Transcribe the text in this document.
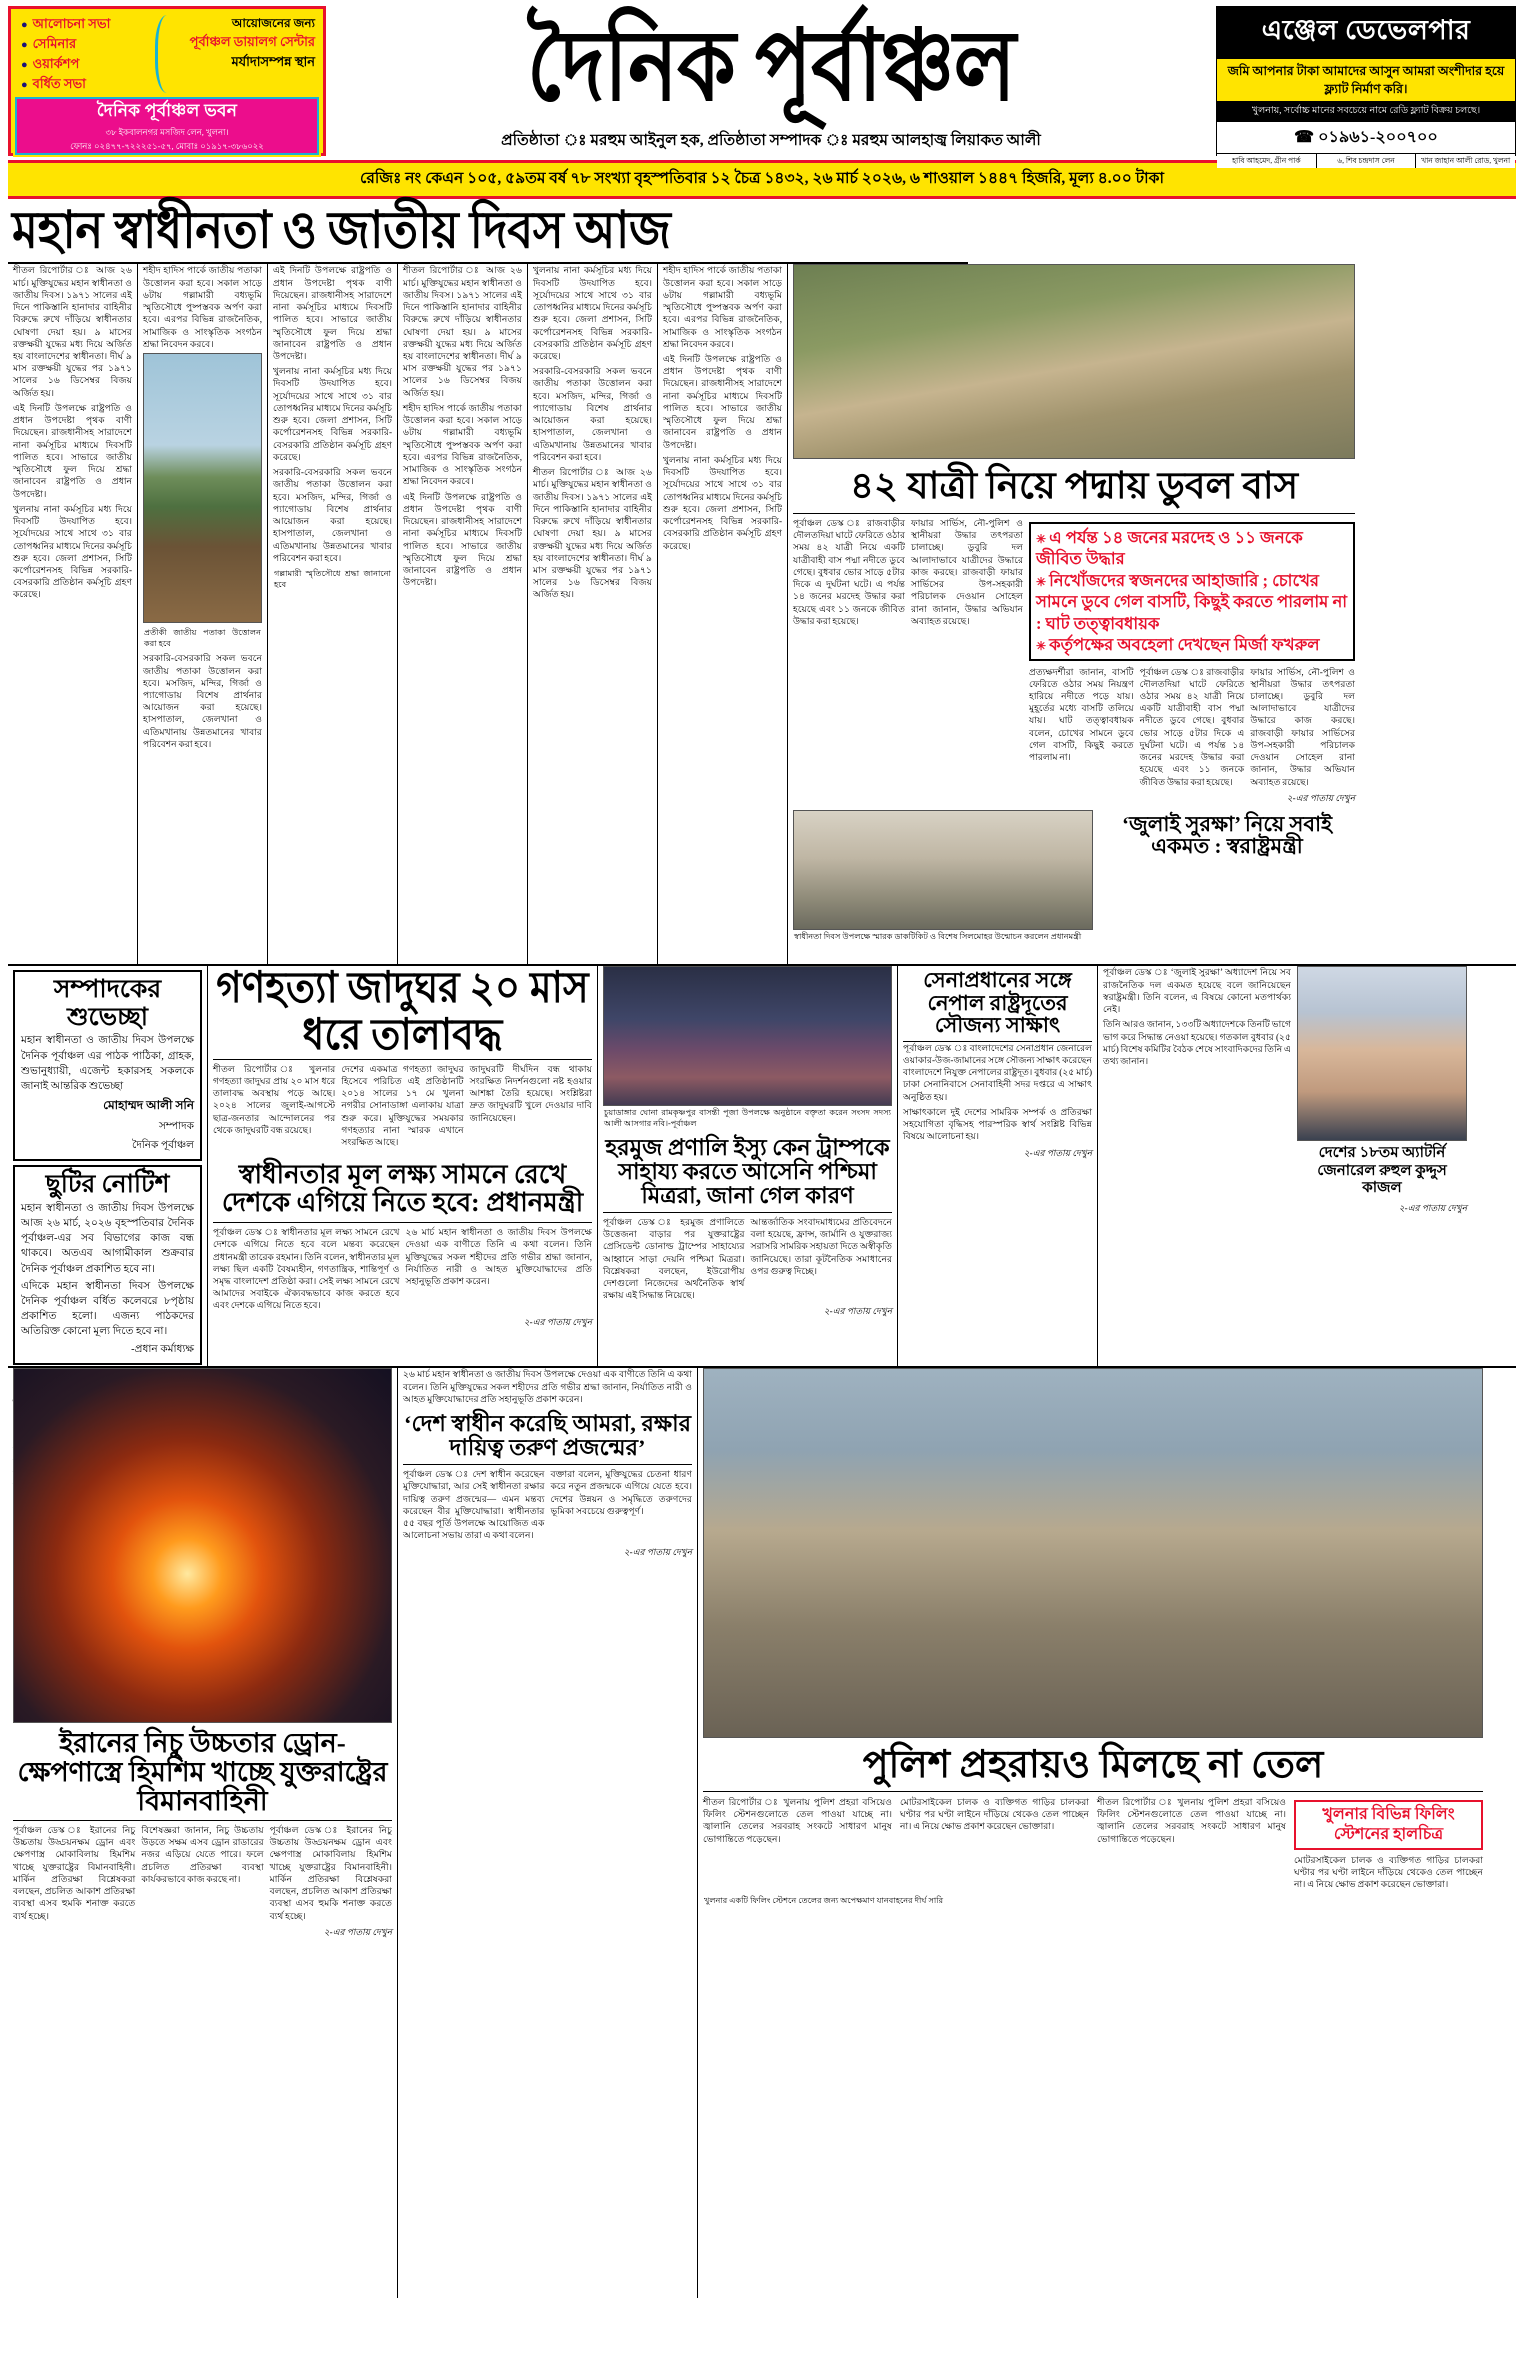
● আলোচনা সভা
● সেমিনার
● ওয়ার্কশপ
● বর্ধিত সভা
আয়োজনের জন্য
পূর্বাঞ্চল ডায়ালগ সেন্টার
মর্যাদাসম্পন্ন স্থান
দৈনিক পূর্বাঞ্চল ভবন
৩৮ ইকবালনগর মসজিদ লেন, খুলনা।
ফোনঃ ০২৪৭৭-৭২২২৫১-৫৭, মোবাঃ ০১৯১৭-৩৮৬০২২
দৈনিক পূর্বাঞ্চল
প্রতিষ্ঠাতা ঃ মরহুম আইনুল হক, প্রতিষ্ঠাতা সম্পাদক ঃ মরহুম আলহাজ্ব লিয়াকত আলী
এঞ্জেল ডেভেলপার
জমি আপনার টাকা আমাদের আসুন আমরা অংশীদার হয়ে ফ্ল্যাট নির্মাণ করি।
খুলনায়, সর্বোচ্চ মানের সবচেয়ে নামে রেডি ফ্ল্যাট বিক্রয় চলছে।
☎ ০১৯৬১-২০০৭০০
হাবি আহমেদ, গ্রীন পার্ক	৬, শিব চন্দ্রদাস লেন	খান জাহান আলী রোড, খুলনা
রেজিঃ নং কেএন ১০৫, ৫৯তম বর্ষ ৭৮ সংখ্যা বৃহস্পতিবার ১২ চৈত্র ১৪৩২, ২৬ মার্চ ২০২৬, ৬ শাওয়াল ১৪৪৭ হিজরি, মূল্য ৪.০০ টাকা
মহান স্বাধীনতা ও জাতীয় দিবস আজ

শীতল রিপোর্টার ঃ আজ ২৬ মার্চ। মুক্তিযুদ্ধের মহান স্বাধীনতা ও জাতীয় দিবস। ১৯৭১ সালের এই দিনে পাকিস্তানি হানাদার বাহিনীর বিরুদ্ধে রুখে দাঁড়িয়ে স্বাধীনতার ঘোষণা দেয়া হয়। ৯ মাসের রক্তক্ষয়ী যুদ্ধের মধ্য দিয়ে অর্জিত হয় বাংলাদেশের স্বাধীনতা। দীর্ঘ ৯ মাস রক্তক্ষয়ী যুদ্ধের পর ১৯৭১ সালের ১৬ ডিসেম্বর বিজয় অর্জিত হয়।

এই দিনটি উপলক্ষে রাষ্ট্রপতি ও প্রধান উপদেষ্টা পৃথক বাণী দিয়েছেন। রাজধানীসহ সারাদেশে নানা কর্মসূচির মাধ্যমে দিবসটি পালিত হবে। সাভারে জাতীয় স্মৃতিসৌধে ফুল দিয়ে শ্রদ্ধা জানাবেন রাষ্ট্রপতি ও প্রধান উপদেষ্টা।

খুলনায় নানা কর্মসূচির মধ্য দিয়ে দিবসটি উদযাপিত হবে। সূর্যোদয়ের সাথে সাথে ৩১ বার তোপধ্বনির মাধ্যমে দিনের কর্মসূচি শুরু হবে। জেলা প্রশাসন, সিটি কর্পোরেশনসহ বিভিন্ন সরকারি-বেসরকারি প্রতিষ্ঠান কর্মসূচি গ্রহণ করেছে।

শহীদ হাদিস পার্কে জাতীয় পতাকা উত্তোলন করা হবে। সকাল সাড়ে ৬টায় গল্লামারী বধ্যভূমি স্মৃতিসৌধে পুষ্পস্তবক অর্পণ করা হবে। এরপর বিভিন্ন রাজনৈতিক, সামাজিক ও সাংস্কৃতিক সংগঠন শ্রদ্ধা নিবেদন করবে।

প্রতীকী জাতীয় পতাকা উত্তোলন করা হবে

সরকারি-বেসরকারি সকল ভবনে জাতীয় পতাকা উত্তোলন করা হবে। মসজিদ, মন্দির, গির্জা ও প্যাগোডায় বিশেষ প্রার্থনার আয়োজন করা হয়েছে। হাসপাতাল, জেলখানা ও এতিমখানায় উন্নতমানের খাবার পরিবেশন করা হবে।

এই দিনটি উপলক্ষে রাষ্ট্রপতি ও প্রধান উপদেষ্টা পৃথক বাণী দিয়েছেন। রাজধানীসহ সারাদেশে নানা কর্মসূচির মাধ্যমে দিবসটি পালিত হবে। সাভারে জাতীয় স্মৃতিসৌধে ফুল দিয়ে শ্রদ্ধা জানাবেন রাষ্ট্রপতি ও প্রধান উপদেষ্টা।

খুলনায় নানা কর্মসূচির মধ্য দিয়ে দিবসটি উদযাপিত হবে। সূর্যোদয়ের সাথে সাথে ৩১ বার তোপধ্বনির মাধ্যমে দিনের কর্মসূচি শুরু হবে। জেলা প্রশাসন, সিটি কর্পোরেশনসহ বিভিন্ন সরকারি-বেসরকারি প্রতিষ্ঠান কর্মসূচি গ্রহণ করেছে।

সরকারি-বেসরকারি সকল ভবনে জাতীয় পতাকা উত্তোলন করা হবে। মসজিদ, মন্দির, গির্জা ও প্যাগোডায় বিশেষ প্রার্থনার আয়োজন করা হয়েছে। হাসপাতাল, জেলখানা ও এতিমখানায় উন্নতমানের খাবার পরিবেশন করা হবে।

গল্লামারী স্মৃতিসৌধে শ্রদ্ধা জানানো হবে

শীতল রিপোর্টার ঃ আজ ২৬ মার্চ। মুক্তিযুদ্ধের মহান স্বাধীনতা ও জাতীয় দিবস। ১৯৭১ সালের এই দিনে পাকিস্তানি হানাদার বাহিনীর বিরুদ্ধে রুখে দাঁড়িয়ে স্বাধীনতার ঘোষণা দেয়া হয়। ৯ মাসের রক্তক্ষয়ী যুদ্ধের মধ্য দিয়ে অর্জিত হয় বাংলাদেশের স্বাধীনতা। দীর্ঘ ৯ মাস রক্তক্ষয়ী যুদ্ধের পর ১৯৭১ সালের ১৬ ডিসেম্বর বিজয় অর্জিত হয়।

শহীদ হাদিস পার্কে জাতীয় পতাকা উত্তোলন করা হবে। সকাল সাড়ে ৬টায় গল্লামারী বধ্যভূমি স্মৃতিসৌধে পুষ্পস্তবক অর্পণ করা হবে। এরপর বিভিন্ন রাজনৈতিক, সামাজিক ও সাংস্কৃতিক সংগঠন শ্রদ্ধা নিবেদন করবে।

এই দিনটি উপলক্ষে রাষ্ট্রপতি ও প্রধান উপদেষ্টা পৃথক বাণী দিয়েছেন। রাজধানীসহ সারাদেশে নানা কর্মসূচির মাধ্যমে দিবসটি পালিত হবে। সাভারে জাতীয় স্মৃতিসৌধে ফুল দিয়ে শ্রদ্ধা জানাবেন রাষ্ট্রপতি ও প্রধান উপদেষ্টা।

খুলনায় নানা কর্মসূচির মধ্য দিয়ে দিবসটি উদযাপিত হবে। সূর্যোদয়ের সাথে সাথে ৩১ বার তোপধ্বনির মাধ্যমে দিনের কর্মসূচি শুরু হবে। জেলা প্রশাসন, সিটি কর্পোরেশনসহ বিভিন্ন সরকারি-বেসরকারি প্রতিষ্ঠান কর্মসূচি গ্রহণ করেছে।

সরকারি-বেসরকারি সকল ভবনে জাতীয় পতাকা উত্তোলন করা হবে। মসজিদ, মন্দির, গির্জা ও প্যাগোডায় বিশেষ প্রার্থনার আয়োজন করা হয়েছে। হাসপাতাল, জেলখানা ও এতিমখানায় উন্নতমানের খাবার পরিবেশন করা হবে।

শীতল রিপোর্টার ঃ আজ ২৬ মার্চ। মুক্তিযুদ্ধের মহান স্বাধীনতা ও জাতীয় দিবস। ১৯৭১ সালের এই দিনে পাকিস্তানি হানাদার বাহিনীর বিরুদ্ধে রুখে দাঁড়িয়ে স্বাধীনতার ঘোষণা দেয়া হয়। ৯ মাসের রক্তক্ষয়ী যুদ্ধের মধ্য দিয়ে অর্জিত হয় বাংলাদেশের স্বাধীনতা। দীর্ঘ ৯ মাস রক্তক্ষয়ী যুদ্ধের পর ১৯৭১ সালের ১৬ ডিসেম্বর বিজয় অর্জিত হয়।

শহীদ হাদিস পার্কে জাতীয় পতাকা উত্তোলন করা হবে। সকাল সাড়ে ৬টায় গল্লামারী বধ্যভূমি স্মৃতিসৌধে পুষ্পস্তবক অর্পণ করা হবে। এরপর বিভিন্ন রাজনৈতিক, সামাজিক ও সাংস্কৃতিক সংগঠন শ্রদ্ধা নিবেদন করবে।

এই দিনটি উপলক্ষে রাষ্ট্রপতি ও প্রধান উপদেষ্টা পৃথক বাণী দিয়েছেন। রাজধানীসহ সারাদেশে নানা কর্মসূচির মাধ্যমে দিবসটি পালিত হবে। সাভারে জাতীয় স্মৃতিসৌধে ফুল দিয়ে শ্রদ্ধা জানাবেন রাষ্ট্রপতি ও প্রধান উপদেষ্টা।

খুলনায় নানা কর্মসূচির মধ্য দিয়ে দিবসটি উদযাপিত হবে। সূর্যোদয়ের সাথে সাথে ৩১ বার তোপধ্বনির মাধ্যমে দিনের কর্মসূচি শুরু হবে। জেলা প্রশাসন, সিটি কর্পোরেশনসহ বিভিন্ন সরকারি-বেসরকারি প্রতিষ্ঠান কর্মসূচি গ্রহণ করেছে।

৪২ যাত্রী নিয়ে পদ্মায় ডুবল বাস

পূর্বাঞ্চল ডেস্ক ঃ রাজবাড়ীর দৌলতদিয়া ঘাটে ফেরিতে ওঠার সময় ৪২ যাত্রী নিয়ে একটি যাত্রীবাহী বাস পদ্মা নদীতে ডুবে গেছে। বুধবার ভোর সাড়ে ৫টার দিকে এ দুর্ঘটনা ঘটে। এ পর্যন্ত ১৪ জনের মরদেহ উদ্ধার করা হয়েছে এবং ১১ জনকে জীবিত উদ্ধার করা হয়েছে।

ফায়ার সার্ভিস, নৌ-পুলিশ ও স্থানীয়রা উদ্ধার তৎপরতা চালাচ্ছে। ডুবুরি দল আলাদাভাবে যাত্রীদের উদ্ধারে কাজ করছে। রাজবাড়ী ফায়ার সার্ভিসের উপ-সহকারী পরিচালক দেওয়ান সোহেল রানা জানান, উদ্ধার অভিযান অব্যাহত রয়েছে।

✳ এ পর্যন্ত ১৪ জনের মরদেহ ও ১১ জনকে জীবিত উদ্ধার
✳ নিখোঁজদের স্বজনদের আহাজারি ; চোখের সামনে ডুবে গেল বাসটি, কিছুই করতে পারলাম না : ঘাট তত্ত্বাবধায়ক
✳ কর্তৃপক্ষের অবহেলা দেখছেন মির্জা ফখরুল

প্রত্যক্ষদর্শীরা জানান, বাসটি ফেরিতে ওঠার সময় নিয়ন্ত্রণ হারিয়ে নদীতে পড়ে যায়। মুহূর্তের মধ্যে বাসটি তলিয়ে যায়। ঘাট তত্ত্বাবধায়ক বলেন, চোখের সামনে ডুবে গেল বাসটি, কিছুই করতে পারলাম না।

পূর্বাঞ্চল ডেস্ক ঃ রাজবাড়ীর দৌলতদিয়া ঘাটে ফেরিতে ওঠার সময় ৪২ যাত্রী নিয়ে একটি যাত্রীবাহী বাস পদ্মা নদীতে ডুবে গেছে। বুধবার ভোর সাড়ে ৫টার দিকে এ দুর্ঘটনা ঘটে। এ পর্যন্ত ১৪ জনের মরদেহ উদ্ধার করা হয়েছে এবং ১১ জনকে জীবিত উদ্ধার করা হয়েছে।

ফায়ার সার্ভিস, নৌ-পুলিশ ও স্থানীয়রা উদ্ধার তৎপরতা চালাচ্ছে। ডুবুরি দল আলাদাভাবে যাত্রীদের উদ্ধারে কাজ করছে। রাজবাড়ী ফায়ার সার্ভিসের উপ-সহকারী পরিচালক দেওয়ান সোহেল রানা জানান, উদ্ধার অভিযান অব্যাহত রয়েছে।

২-এর পাতায় দেখুন
স্বাধীনতা দিবস উপলক্ষে স্মারক ডাকটিকিট ও বিশেষ সিলমোহর উন্মোচন করলেন প্রধানমন্ত্রী
‘জুলাই সুরক্ষা’ নিয়ে সবাই একমত : স্বরাষ্ট্রমন্ত্রী
সম্পাদকের শুভেচ্ছা

মহান স্বাধীনতা ও জাতীয় দিবস উপলক্ষে দৈনিক পূর্বাঞ্চল এর পাঠক পাঠিকা, গ্রাহক, শুভানুধ্যায়ী, এজেন্ট হকারসহ সকলকে জানাই আন্তরিক শুভেচ্ছা

মোহাম্মদ আলী সনি
সম্পাদক
দৈনিক পূর্বাঞ্চল
ছুটির নোটিশ

মহান স্বাধীনতা ও জাতীয় দিবস উপলক্ষে আজ ২৬ মার্চ, ২০২৬ বৃহস্পতিবার দৈনিক পূর্বাঞ্চল-এর সব বিভাগের কাজ বন্ধ থাকবে। অতএব আগামীকাল শুক্রবার দৈনিক পূর্বাঞ্চল প্রকাশিত হবে না।

এদিকে মহান স্বাধীনতা দিবস উপলক্ষে দৈনিক পূর্বাঞ্চল বর্ধিত কলেবরে ৮পৃষ্ঠায় প্রকাশিত হলো। এজন্য পাঠকদের অতিরিক্ত কোনো মূল্য দিতে হবে না।

-প্রধান কর্মাধ্যক্ষ

গণহত্যা জাদুঘর ২০ মাস ধরে তালাবদ্ধ

শীতল রিপোর্টার ঃ খুলনার গণহত্যা জাদুঘর প্রায় ২০ মাস ধরে তালাবদ্ধ অবস্থায় পড়ে আছে। ২০২৪ সালের জুলাই-আগস্টে ছাত্র-জনতার আন্দোলনের পর থেকে জাদুঘরটি বন্ধ রয়েছে।

দেশের একমাত্র গণহত্যা জাদুঘর হিসেবে পরিচিত এই প্রতিষ্ঠানটি ২০১৪ সালের ১৭ মে খুলনা নগরীর সোনাডাঙ্গা এলাকায় যাত্রা শুরু করে। মুক্তিযুদ্ধের সময়কার গণহত্যার নানা স্মারক এখানে সংরক্ষিত আছে।

জাদুঘরটি দীর্ঘদিন বন্ধ থাকায় সংরক্ষিত নিদর্শনগুলো নষ্ট হওয়ার আশঙ্কা তৈরি হয়েছে। সংশ্লিষ্টরা দ্রুত জাদুঘরটি খুলে দেওয়ার দাবি জানিয়েছেন।

স্বাধীনতার মূল লক্ষ্য সামনে রেখে দেশকে এগিয়ে নিতে হবে: প্রধানমন্ত্রী

পূর্বাঞ্চল ডেস্ক ঃ স্বাধীনতার মূল লক্ষ্য সামনে রেখে দেশকে এগিয়ে নিতে হবে বলে মন্তব্য করেছেন প্রধানমন্ত্রী তারেক রহমান। তিনি বলেন, স্বাধীনতার মূল লক্ষ্য ছিল একটি বৈষম্যহীন, গণতান্ত্রিক, শান্তিপূর্ণ ও সমৃদ্ধ বাংলাদেশ প্রতিষ্ঠা করা। সেই লক্ষ্য সামনে রেখে আমাদের সবাইকে ঐক্যবদ্ধভাবে কাজ করতে হবে এবং দেশকে এগিয়ে নিতে হবে।

২৬ মার্চ মহান স্বাধীনতা ও জাতীয় দিবস উপলক্ষে দেওয়া এক বাণীতে তিনি এ কথা বলেন। তিনি মুক্তিযুদ্ধের সকল শহীদের প্রতি গভীর শ্রদ্ধা জানান, নির্যাতিত নারী ও আহত মুক্তিযোদ্ধাদের প্রতি সহানুভূতি প্রকাশ করেন।

২-এর পাতায় দেখুন
চুয়াডাঙ্গার ঘোনা রামকৃষ্ণপুর বাসন্তী পূজা উপলক্ষে অনুষ্ঠানে বক্তৃতা করেন সংসদ সদস্য আলী আসগার নবি।-পূর্বাঞ্চল
হরমুজ প্রণালি ইস্যু কেন ট্রাম্পকে সাহায্য করতে আসেনি পশ্চিমা মিত্ররা, জানা গেল কারণ

পূর্বাঞ্চল ডেস্ক ঃ হরমুজ প্রণালিতে উত্তেজনা বাড়ার পর যুক্তরাষ্ট্রের প্রেসিডেন্ট ডোনাল্ড ট্রাম্পের সাহায্যের আহ্বানে সাড়া দেয়নি পশ্চিমা মিত্ররা। বিশ্লেষকরা বলছেন, ইউরোপীয় দেশগুলো নিজেদের অর্থনৈতিক স্বার্থ রক্ষায় এই সিদ্ধান্ত নিয়েছে।

আন্তর্জাতিক সংবাদমাধ্যমের প্রতিবেদনে বলা হয়েছে, ফ্রান্স, জার্মানি ও যুক্তরাজ্য সরাসরি সামরিক সহায়তা দিতে অস্বীকৃতি জানিয়েছে। তারা কূটনৈতিক সমাধানের ওপর গুরুত্ব দিচ্ছে।

২-এর পাতায় দেখুন
সেনাপ্রধানের সঙ্গে নেপাল রাষ্ট্রদূতের সৌজন্য সাক্ষাৎ

পূর্বাঞ্চল ডেস্ক ঃ বাংলাদেশের সেনাপ্রধান জেনারেল ওয়াকার-উজ-জামানের সঙ্গে সৌজন্য সাক্ষাৎ করেছেন বাংলাদেশে নিযুক্ত নেপালের রাষ্ট্রদূত। বুধবার (২৫ মার্চ) ঢাকা সেনানিবাসে সেনাবাহিনী সদর দপ্তরে এ সাক্ষাৎ অনুষ্ঠিত হয়।

সাক্ষাৎকালে দুই দেশের সামরিক সম্পর্ক ও প্রতিরক্ষা সহযোগিতা বৃদ্ধিসহ পারস্পরিক স্বার্থ সংশ্লিষ্ট বিভিন্ন বিষয়ে আলোচনা হয়।

২-এর পাতায় দেখুন

পূর্বাঞ্চল ডেস্ক ঃ ‘জুলাই সুরক্ষা’ অধ্যাদেশ নিয়ে সব রাজনৈতিক দল একমত হয়েছে বলে জানিয়েছেন স্বরাষ্ট্রমন্ত্রী। তিনি বলেন, এ বিষয়ে কোনো মতপার্থক্য নেই।

তিনি আরও জানান, ১৩৩টি অধ্যাদেশকে তিনটি ভাগে ভাগ করে সিদ্ধান্ত নেওয়া হয়েছে। গতকাল বুধবার (২৫ মার্চ) বিশেষ কমিটির বৈঠক শেষে সাংবাদিকদের তিনি এ তথ্য জানান।

দেশের ১৮তম অ্যাটর্নি জেনারেল রুহুল কুদ্দুস কাজল
২-এর পাতায় দেখুন
ইরানের নিচু উচ্চতার ড্রোন-ক্ষেপণাস্ত্রে হিমশিম খাচ্ছে যুক্তরাষ্ট্রের বিমানবাহিনী

পূর্বাঞ্চল ডেস্ক ঃ ইরানের নিচু উচ্চতায় উড্ডয়নক্ষম ড্রোন এবং ক্ষেপণাস্ত্র মোকাবিলায় হিমশিম খাচ্ছে যুক্তরাষ্ট্রের বিমানবাহিনী। মার্কিন প্রতিরক্ষা বিশ্লেষকরা বলছেন, প্রচলিত আকাশ প্রতিরক্ষা ব্যবস্থা এসব হুমকি শনাক্ত করতে ব্যর্থ হচ্ছে।

বিশেষজ্ঞরা জানান, নিচু উচ্চতায় উড়তে সক্ষম এসব ড্রোন রাডারের নজর এড়িয়ে যেতে পারে। ফলে প্রচলিত প্রতিরক্ষা ব্যবস্থা কার্যকরভাবে কাজ করছে না।

পূর্বাঞ্চল ডেস্ক ঃ ইরানের নিচু উচ্চতায় উড্ডয়নক্ষম ড্রোন এবং ক্ষেপণাস্ত্র মোকাবিলায় হিমশিম খাচ্ছে যুক্তরাষ্ট্রের বিমানবাহিনী। মার্কিন প্রতিরক্ষা বিশ্লেষকরা বলছেন, প্রচলিত আকাশ প্রতিরক্ষা ব্যবস্থা এসব হুমকি শনাক্ত করতে ব্যর্থ হচ্ছে।

২-এর পাতায় দেখুন

২৬ মার্চ মহান স্বাধীনতা ও জাতীয় দিবস উপলক্ষে দেওয়া এক বাণীতে তিনি এ কথা বলেন। তিনি মুক্তিযুদ্ধের সকল শহীদের প্রতি গভীর শ্রদ্ধা জানান, নির্যাতিত নারী ও আহত মুক্তিযোদ্ধাদের প্রতি সহানুভূতি প্রকাশ করেন।

‘দেশ স্বাধীন করেছি আমরা, রক্ষার দায়িত্ব তরুণ প্রজন্মের’

পূর্বাঞ্চল ডেস্ক ঃ দেশ স্বাধীন করেছেন মুক্তিযোদ্ধারা, আর সেই স্বাধীনতা রক্ষার দায়িত্ব তরুণ প্রজন্মের— এমন মন্তব্য করেছেন বীর মুক্তিযোদ্ধারা। স্বাধীনতার ৫৫ বছর পূর্তি উপলক্ষে আয়োজিত এক আলোচনা সভায় তারা এ কথা বলেন।

বক্তারা বলেন, মুক্তিযুদ্ধের চেতনা ধারণ করে নতুন প্রজন্মকে এগিয়ে যেতে হবে। দেশের উন্নয়ন ও সমৃদ্ধিতে তরুণদের ভূমিকা সবচেয়ে গুরুত্বপূর্ণ।

২-এর পাতায় দেখুন
পুলিশ প্রহরায়ও মিলছে না তেল

শীতল রিপোর্টার ঃ খুলনায় পুলিশ প্রহরা বসিয়েও ফিলিং স্টেশনগুলোতে তেল পাওয়া যাচ্ছে না। জ্বালানি তেলের সরবরাহ সংকটে সাধারণ মানুষ ভোগান্তিতে পড়েছেন।

মোটরসাইকেল চালক ও ব্যক্তিগত গাড়ির চালকরা ঘণ্টার পর ঘণ্টা লাইনে দাঁড়িয়ে থেকেও তেল পাচ্ছেন না। এ নিয়ে ক্ষোভ প্রকাশ করেছেন ভোক্তারা।

শীতল রিপোর্টার ঃ খুলনায় পুলিশ প্রহরা বসিয়েও ফিলিং স্টেশনগুলোতে তেল পাওয়া যাচ্ছে না। জ্বালানি তেলের সরবরাহ সংকটে সাধারণ মানুষ ভোগান্তিতে পড়েছেন।

খুলনার বিভিন্ন ফিলিং স্টেশনের হালচিত্র

মোটরসাইকেল চালক ও ব্যক্তিগত গাড়ির চালকরা ঘণ্টার পর ঘণ্টা লাইনে দাঁড়িয়ে থেকেও তেল পাচ্ছেন না। এ নিয়ে ক্ষোভ প্রকাশ করেছেন ভোক্তারা।

খুলনার একটি ফিলিং স্টেশনে তেলের জন্য অপেক্ষমাণ যানবাহনের দীর্ঘ সারি
